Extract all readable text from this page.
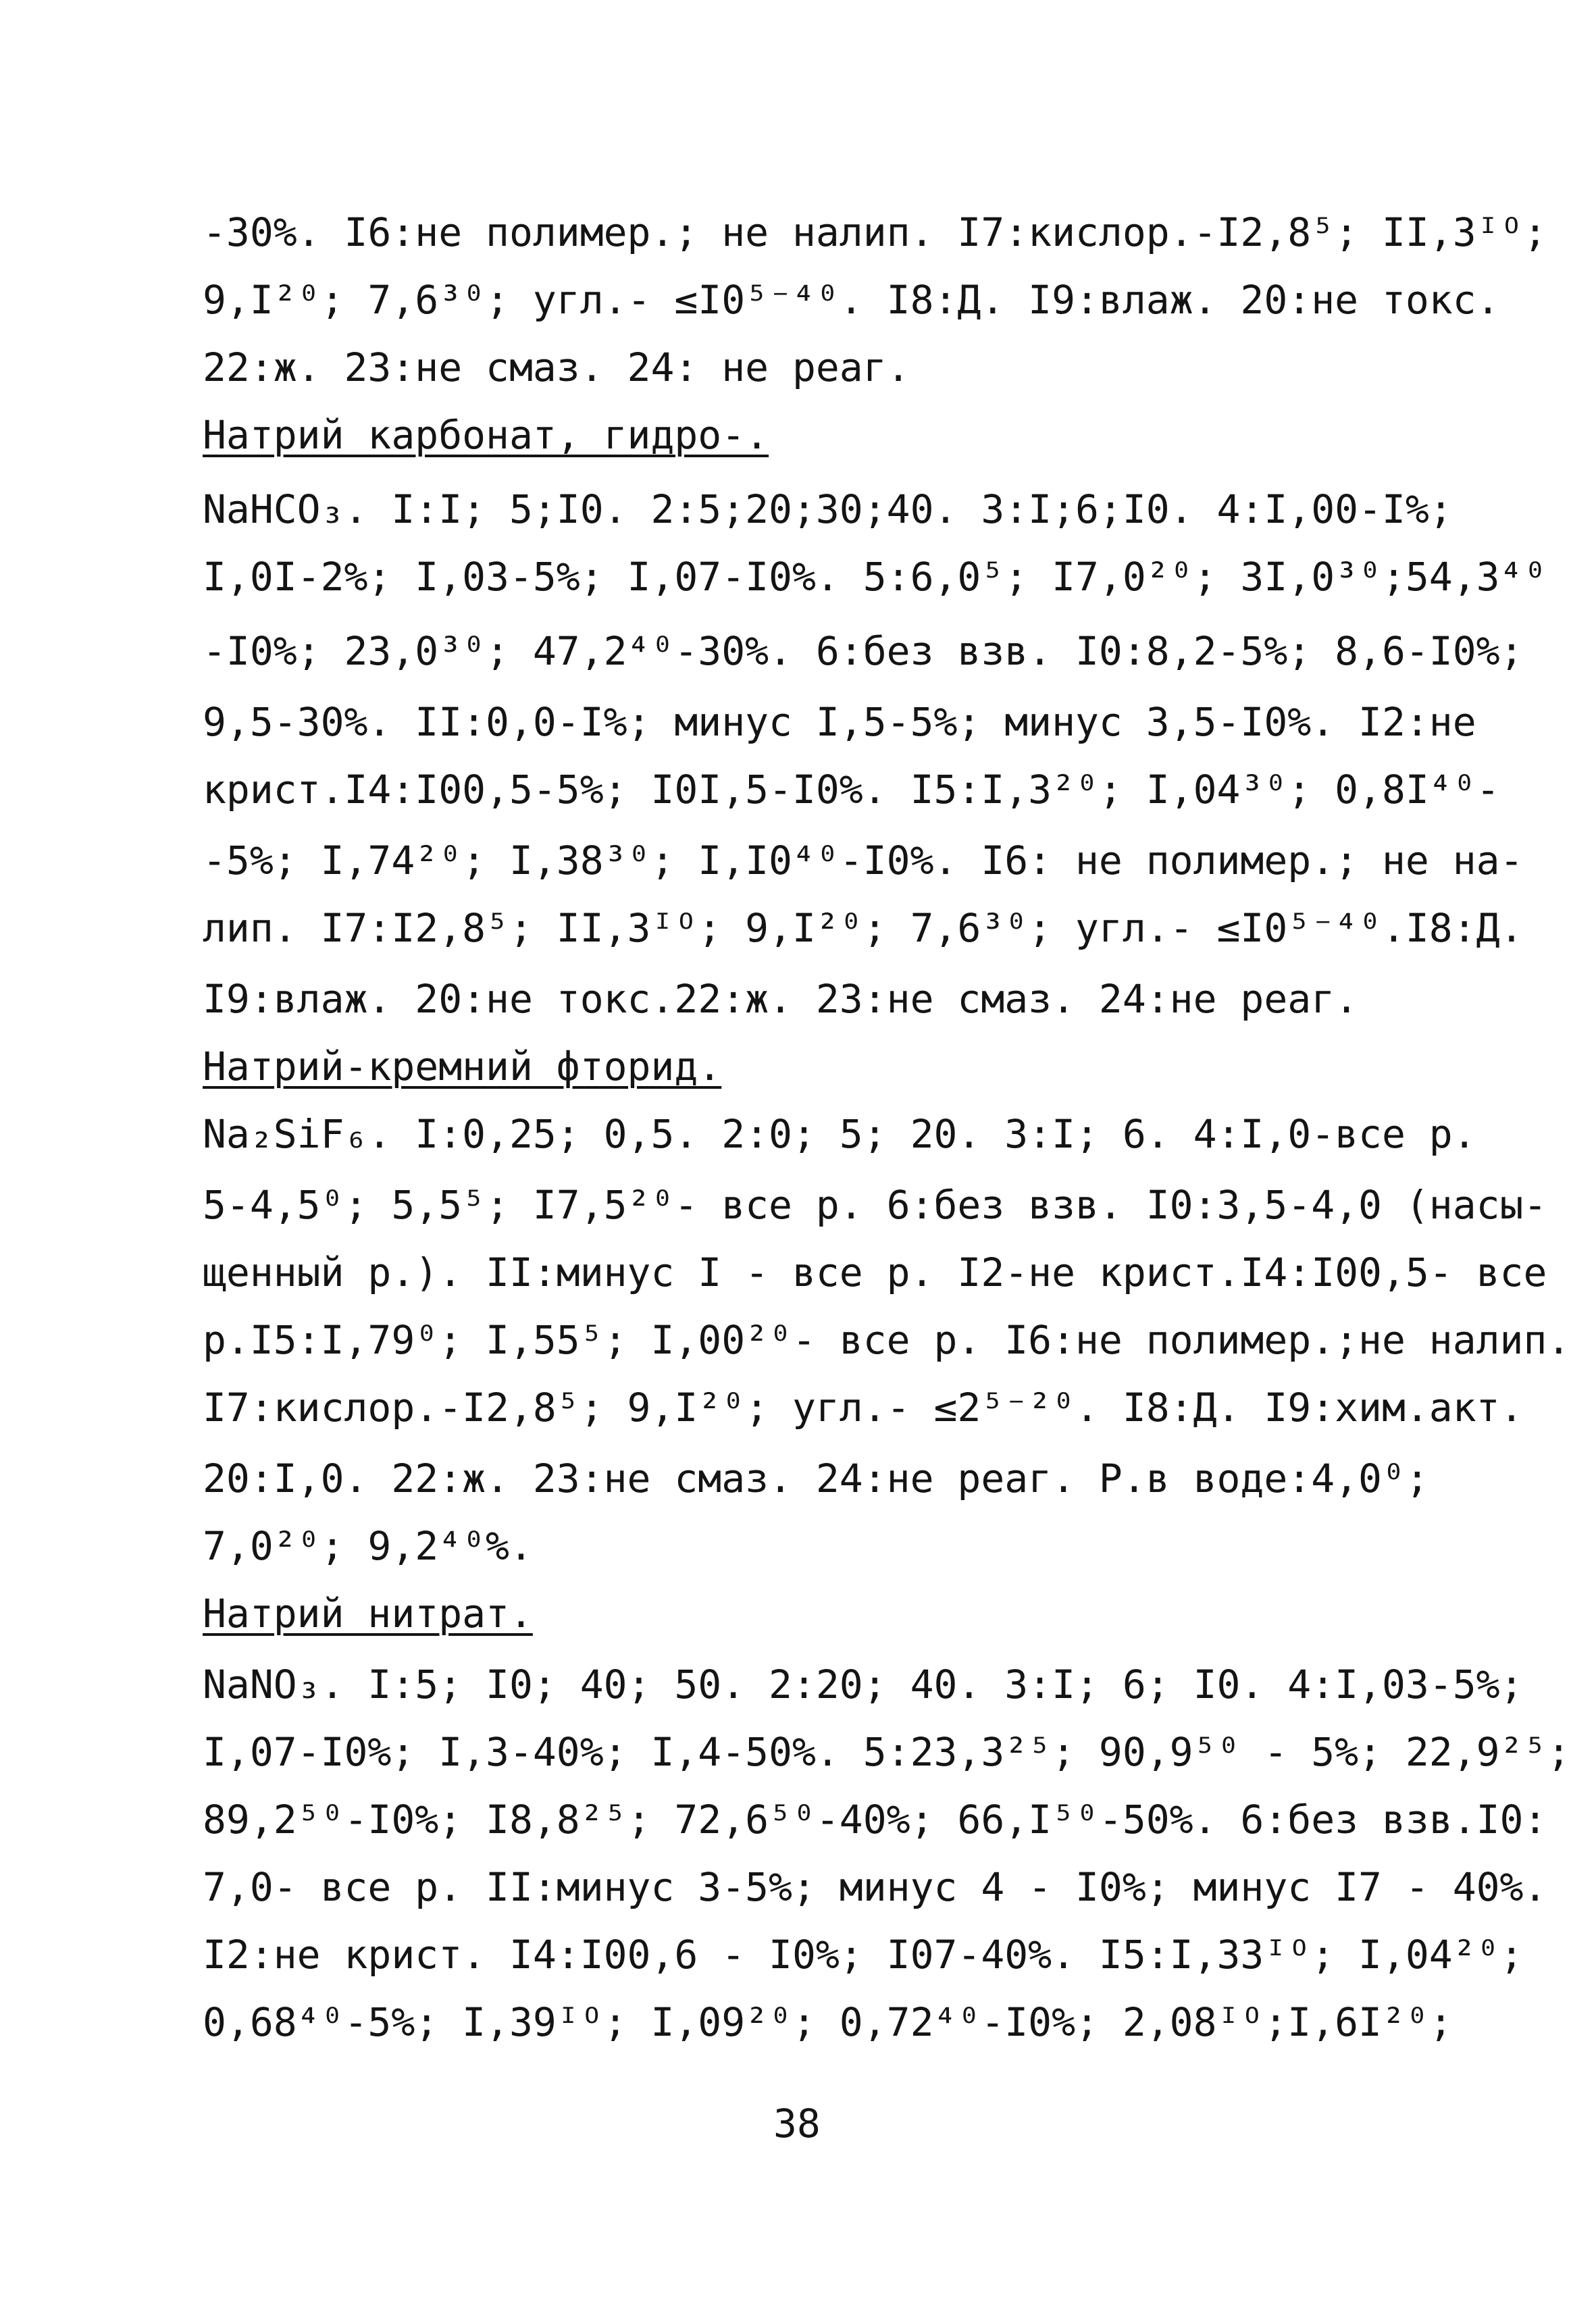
-30%. I6:не полимер.; не налип. I7:кислор.-I2,8⁵; II,3ᴵᴼ;
9,I²⁰; 7,6³⁰; угл.- ≤I0⁵⁻⁴⁰. I8:Д. I9:влаж. 20:не токс.
22:ж. 23:не смаз. 24: не реаг.
Натрий карбонат, гидро-.
NaHCO₃. I:I; 5;I0. 2:5;20;30;40. 3:I;6;I0. 4:I,00-I%;
I,0I-2%; I,03-5%; I,07-I0%. 5:6,0⁵; I7,0²⁰; 3I,0³⁰;54,3⁴⁰
-I0%; 23,0³⁰; 47,2⁴⁰-30%. 6:без взв. I0:8,2-5%; 8,6-I0%;
9,5-30%. II:0,0-I%; минус I,5-5%; минус 3,5-I0%. I2:не
крист.I4:I00,5-5%; I0I,5-I0%. I5:I,3²⁰; I,04³⁰; 0,8I⁴⁰-
-5%; I,74²⁰; I,38³⁰; I,I0⁴⁰-I0%. I6: не полимер.; не на-
лип. I7:I2,8⁵; II,3ᴵᴼ; 9,I²⁰; 7,6³⁰; угл.- ≤I0⁵⁻⁴⁰.I8:Д.
I9:влаж. 20:не токс.22:ж. 23:не смаз. 24:не реаг.
Натрий-кремний фторид.
Na₂SiF₆. I:0,25; 0,5. 2:0; 5; 20. 3:I; 6. 4:I,0-все р.
5-4,5⁰; 5,5⁵; I7,5²⁰- все р. 6:без взв. I0:3,5-4,0 (насы-
щенный р.). II:минус I - все р. I2-не крист.I4:I00,5- все
р.I5:I,79⁰; I,55⁵; I,00²⁰- все р. I6:не полимер.;не налип.
I7:кислор.-I2,8⁵; 9,I²⁰; угл.- ≤2⁵⁻²⁰. I8:Д. I9:хим.акт.
20:I,0. 22:ж. 23:не смаз. 24:не реаг. Р.в воде:4,0⁰;
7,0²⁰; 9,2⁴⁰%.
Натрий нитрат.
NaNO₃. I:5; I0; 40; 50. 2:20; 40. 3:I; 6; I0. 4:I,03-5%;
I,07-I0%; I,3-40%; I,4-50%. 5:23,3²⁵; 90,9⁵⁰ - 5%; 22,9²⁵;
89,2⁵⁰-I0%; I8,8²⁵; 72,6⁵⁰-40%; 66,I⁵⁰-50%. 6:без взв.I0:
7,0- все р. II:минус 3-5%; минус 4 - I0%; минус I7 - 40%.
I2:не крист. I4:I00,6 - I0%; I07-40%. I5:I,33ᴵᴼ; I,04²⁰;
0,68⁴⁰-5%; I,39ᴵᴼ; I,09²⁰; 0,72⁴⁰-I0%; 2,08ᴵᴼ;I,6I²⁰;
38
